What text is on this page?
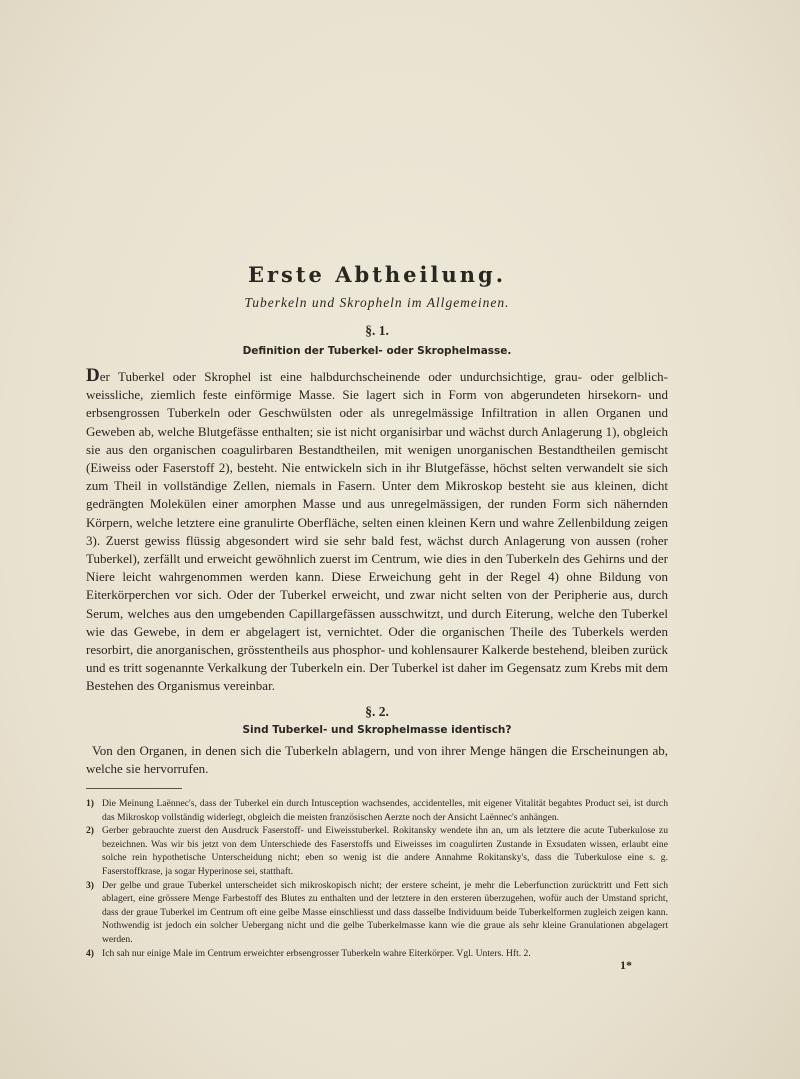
Erste Abtheilung.
Tuberkeln und Skropheln im Allgemeinen.
§. 1.
Definition der Tuberkel- oder Skrophelmasse.

Der Tuberkel oder Skrophel ist eine halbdurchscheinende oder undurchsichtige, grau- oder gelblich-weissliche, ziemlich feste einförmige Masse. Sie lagert sich in Form von abgerundeten hirsekorn- und erbsengrossen Tuberkeln oder Geschwülsten oder als unregelmässige Infiltration in allen Organen und Geweben ab, welche Blutgefässe enthalten; sie ist nicht organisirbar und wächst durch Anlagerung 1), obgleich sie aus den organischen coagulirbaren Bestandtheilen, mit wenigen unorganischen Bestandtheilen gemischt (Eiweiss oder Faserstoff 2), besteht. Nie entwickeln sich in ihr Blutgefässe, höchst selten verwandelt sie sich zum Theil in vollständige Zellen, niemals in Fasern. Unter dem Mikroskop besteht sie aus kleinen, dicht gedrängten Molekülen einer amorphen Masse und aus unregelmässigen, der runden Form sich nähernden Körpern, welche letztere eine granulirte Oberfläche, selten einen kleinen Kern und wahre Zellenbildung zeigen 3). Zuerst gewiss flüssig abgesondert wird sie sehr bald fest, wächst durch Anlagerung von aussen (roher Tuberkel), zerfällt und erweicht gewöhnlich zuerst im Centrum, wie dies in den Tuberkeln des Gehirns und der Niere leicht wahrgenommen werden kann. Diese Erweichung geht in der Regel 4) ohne Bildung von Eiterkörperchen vor sich. Oder der Tuberkel erweicht, und zwar nicht selten von der Peripherie aus, durch Serum, welches aus den umgebenden Capillargefässen ausschwitzt, und durch Eiterung, welche den Tuberkel wie das Gewebe, in dem er abgelagert ist, vernichtet. Oder die organischen Theile des Tuberkels werden resorbirt, die anorganischen, grösstentheils aus phosphor- und kohlensaurer Kalkerde bestehend, bleiben zurück und es tritt sogenannte Verkalkung der Tuberkeln ein. Der Tuberkel ist daher im Gegensatz zum Krebs mit dem Bestehen des Organismus vereinbar.

§. 2.
Sind Tuberkel- und Skrophelmasse identisch?

Von den Organen, in denen sich die Tuberkeln ablagern, und von ihrer Menge hängen die Erscheinungen ab, welche sie hervorrufen.

1) Die Meinung Laënnec's, dass der Tuberkel ein durch Intusception wachsendes, accidentelles, mit eigener Vitalität begabtes Product sei, ist durch das Mikroskop vollständig widerlegt, obgleich die meisten französischen Aerzte noch der Ansicht Laënnec's anhängen.
2) Gerber gebrauchte zuerst den Ausdruck Faserstoff- und Eiweisstuberkel. Rokitansky wendete ihn an, um als letztere die acute Tuberkulose zu bezeichnen. Was wir bis jetzt von dem Unterschiede des Faserstoffs und Eiweisses im coagulirten Zustande in Exsudaten wissen, erlaubt eine solche rein hypothetische Unterscheidung nicht; eben so wenig ist die andere Annahme Rokitansky's, dass die Tuberkulose eine s. g. Faserstoffkrase, ja sogar Hyperinose sei, statthaft.
3) Der gelbe und graue Tuberkel unterscheidet sich mikroskopisch nicht; der erstere scheint, je mehr die Leberfunction zurücktritt und Fett sich ablagert, eine grössere Menge Farbestoff des Blutes zu enthalten und der letztere in den ersteren überzugehen, wofür auch der Umstand spricht, dass der graue Tuberkel im Centrum oft eine gelbe Masse einschliesst und dass dasselbe Individuum beide Tuberkelformen zugleich zeigen kann. Nothwendig ist jedoch ein solcher Uebergang nicht und die gelbe Tuberkelmasse kann wie die graue als sehr kleine Granulationen abgelagert werden.
4) Ich sah nur einige Male im Centrum erweichter erbsengrosser Tuberkeln wahre Eiterkörper. Vgl. Unters. Hft. 2.
1*
